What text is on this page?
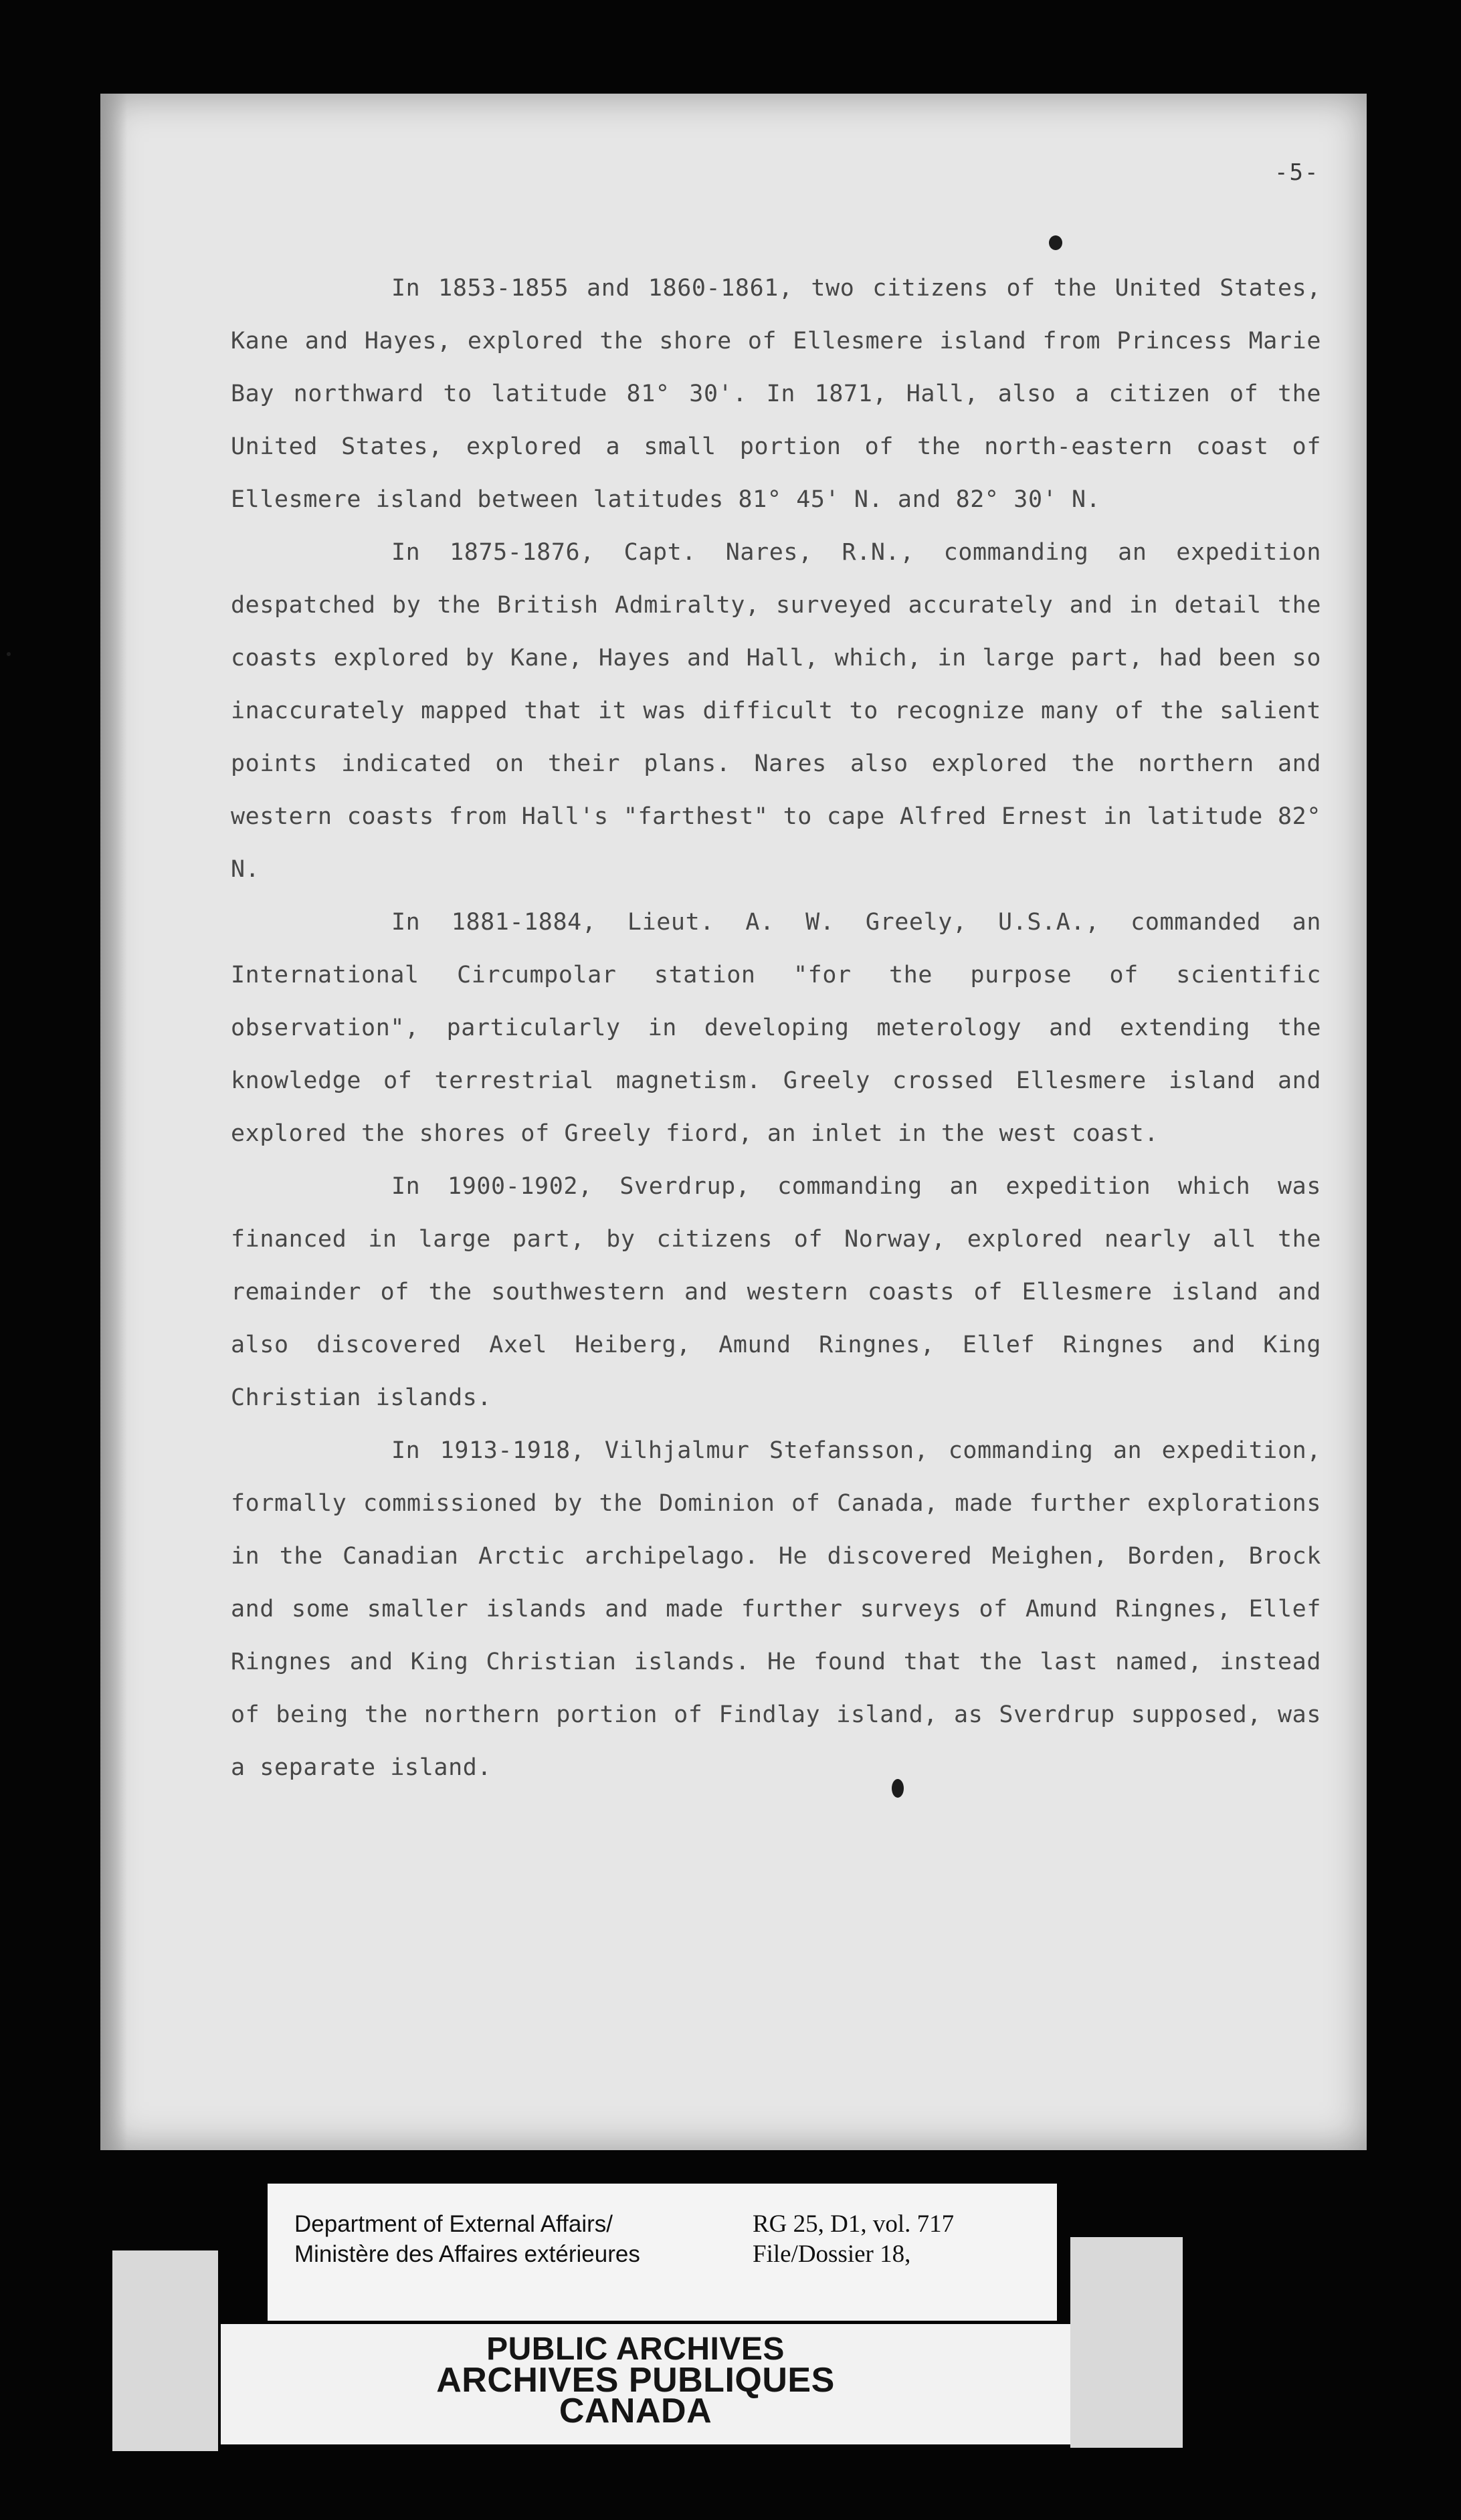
-5-

In 1853-1855 and 1860-1861, two citizens of the United States, Kane and Hayes, explored the shore of Ellesmere island from Princess Marie Bay northward to latitude 81° 30'. In 1871, Hall, also a citizen of the United States, explored a small portion of the north-eastern coast of Ellesmere island between latitudes 81° 45' N. and 82° 30' N.

In 1875-1876, Capt. Nares, R.N., commanding an expedition despatched by the British Admiralty, surveyed accurately and in detail the coasts explored by Kane, Hayes and Hall, which, in large part, had been so inaccurately mapped that it was difficult to recognize many of the salient points indicated on their plans. Nares also explored the northern and western coasts from Hall's "farthest" to cape Alfred Ernest in latitude 82° N.

In 1881-1884, Lieut. A. W. Greely, U.S.A., commanded an International Circumpolar station "for the purpose of scientific observation", particularly in developing meterology and extending the knowledge of terrestrial magnetism. Greely crossed Ellesmere island and explored the shores of Greely fiord, an inlet in the west coast.

In 1900-1902, Sverdrup, commanding an expedition which was financed in large part, by citizens of Norway, explored nearly all the remainder of the southwestern and western coasts of Ellesmere island and also discovered Axel Heiberg, Amund Ringnes, Ellef Ringnes and King Christian islands.

In 1913-1918, Vilhjalmur Stefansson, commanding an expedition, formally commissioned by the Dominion of Canada, made further explorations in the Canadian Arctic archipelago. He discovered Meighen, Borden, Brock and some smaller islands and made further surveys of Amund Ringnes, Ellef Ringnes and King Christian islands. He found that the last named, instead of being the northern portion of Findlay island, as Sverdrup supposed, was a separate island.

Department of External Affairs/
Ministère des Affaires extérieures

RG 25, D1, vol. 717
File/Dossier 18,

PUBLIC ARCHIVES
ARCHIVES PUBLIQUES
CANADA
